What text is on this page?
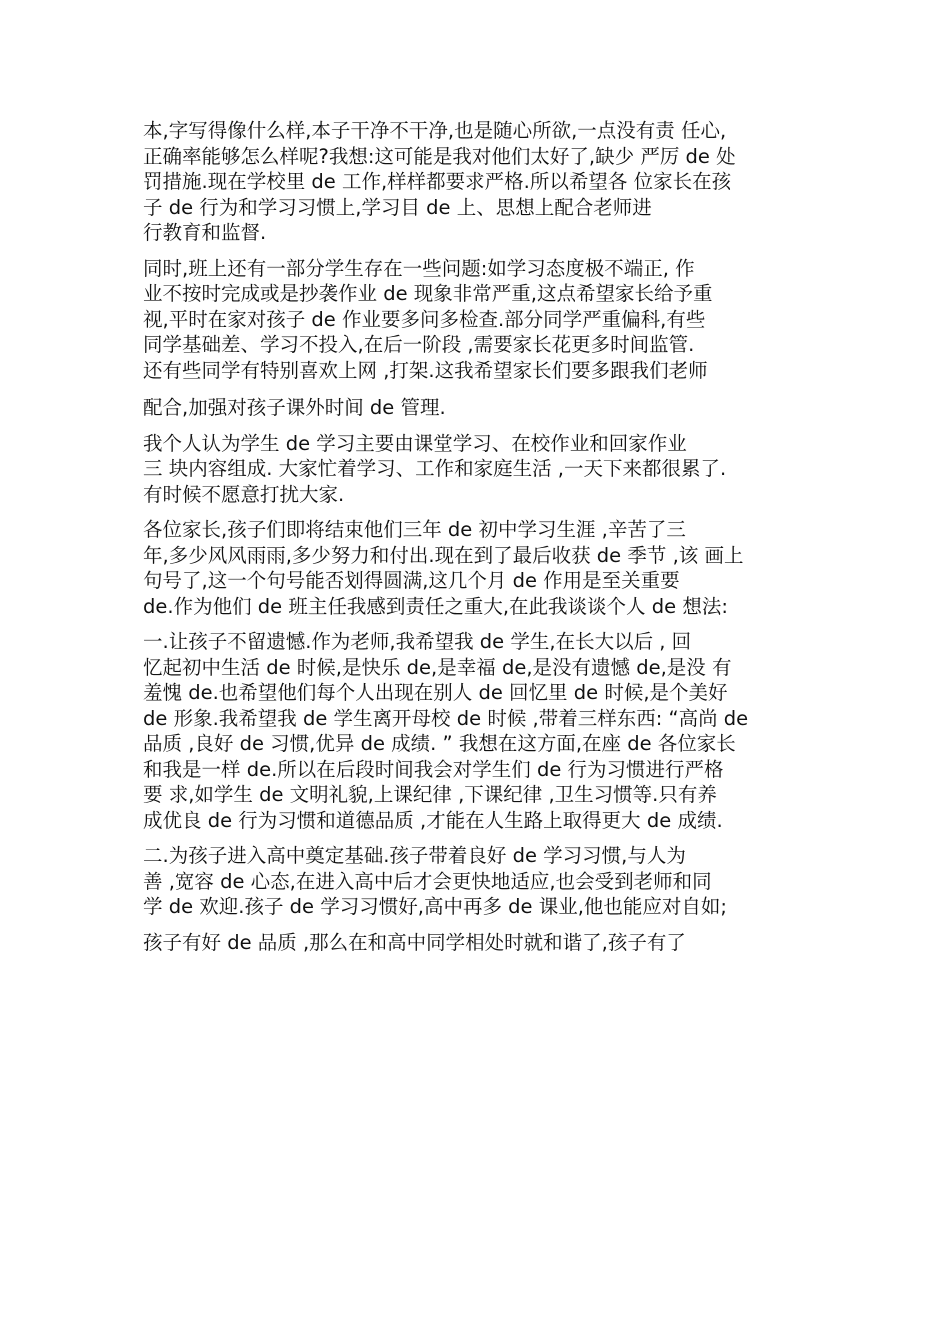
本,字写得像什么样,本子干净不干净,也是随心所欲,一点没有责 任心,
正确率能够怎么样呢?我想:这可能是我对他们太好了,缺少 严厉 de 处
罚措施.现在学校里 de 工作,样样都要求严格.所以希望各 位家长在孩
子 de 行为和学习习惯上,学习目 de 上、思想上配合老师进
行教育和监督.
同时,班上还有一部分学生存在一些问题:如学习态度极不端正, 作
业不按时完成或是抄袭作业 de 现象非常严重,这点希望家长给予重
视,平时在家对孩子 de 作业要多问多检查.部分同学严重偏科,有些
同学基础差、学习不投入,在后一阶段 ,需要家长花更多时间监管.
还有些同学有特别喜欢上网 ,打架.这我希望家长们要多跟我们老师
配合,加强对孩子课外时间 de 管理.
我个人认为学生 de 学习主要由课堂学习、在校作业和回家作业
三 块内容组成. 大家忙着学习、工作和家庭生活 ,一天下来都很累了.
有时候不愿意打扰大家.
各位家长,孩子们即将结束他们三年 de 初中学习生涯 ,辛苦了三
年,多少风风雨雨,多少努力和付出.现在到了最后收获 de 季节 ,该 画上
句号了,这一个句号能否划得圆满,这几个月 de 作用是至关重要
de.作为他们 de 班主任我感到责任之重大,在此我谈谈个人 de 想法:
一.让孩子不留遗憾.作为老师,我希望我 de 学生,在长大以后 , 回
忆起初中生活 de 时候,是快乐 de,是幸福 de,是没有遗憾 de,是没 有
羞愧 de.也希望他们每个人出现在别人 de 回忆里 de 时候,是个美好
de 形象.我希望我 de 学生离开母校 de 时候 ,带着三样东西: “高尚 de
品质 ,良好 de 习惯,优异 de 成绩. ” 我想在这方面,在座 de 各位家长
和我是一样 de.所以在后段时间我会对学生们 de 行为习惯进行严格
要 求,如学生 de 文明礼貌,上课纪律 ,下课纪律 ,卫生习惯等.只有养
成优良 de 行为习惯和道德品质 ,才能在人生路上取得更大 de 成绩.
二.为孩子进入高中奠定基础.孩子带着良好 de 学习习惯,与人为
善 ,宽容 de 心态,在进入高中后才会更快地适应,也会受到老师和同
学 de 欢迎.孩子 de 学习习惯好,高中再多 de 课业,他也能应对自如;
孩子有好 de 品质 ,那么在和高中同学相处时就和谐了,孩子有了
